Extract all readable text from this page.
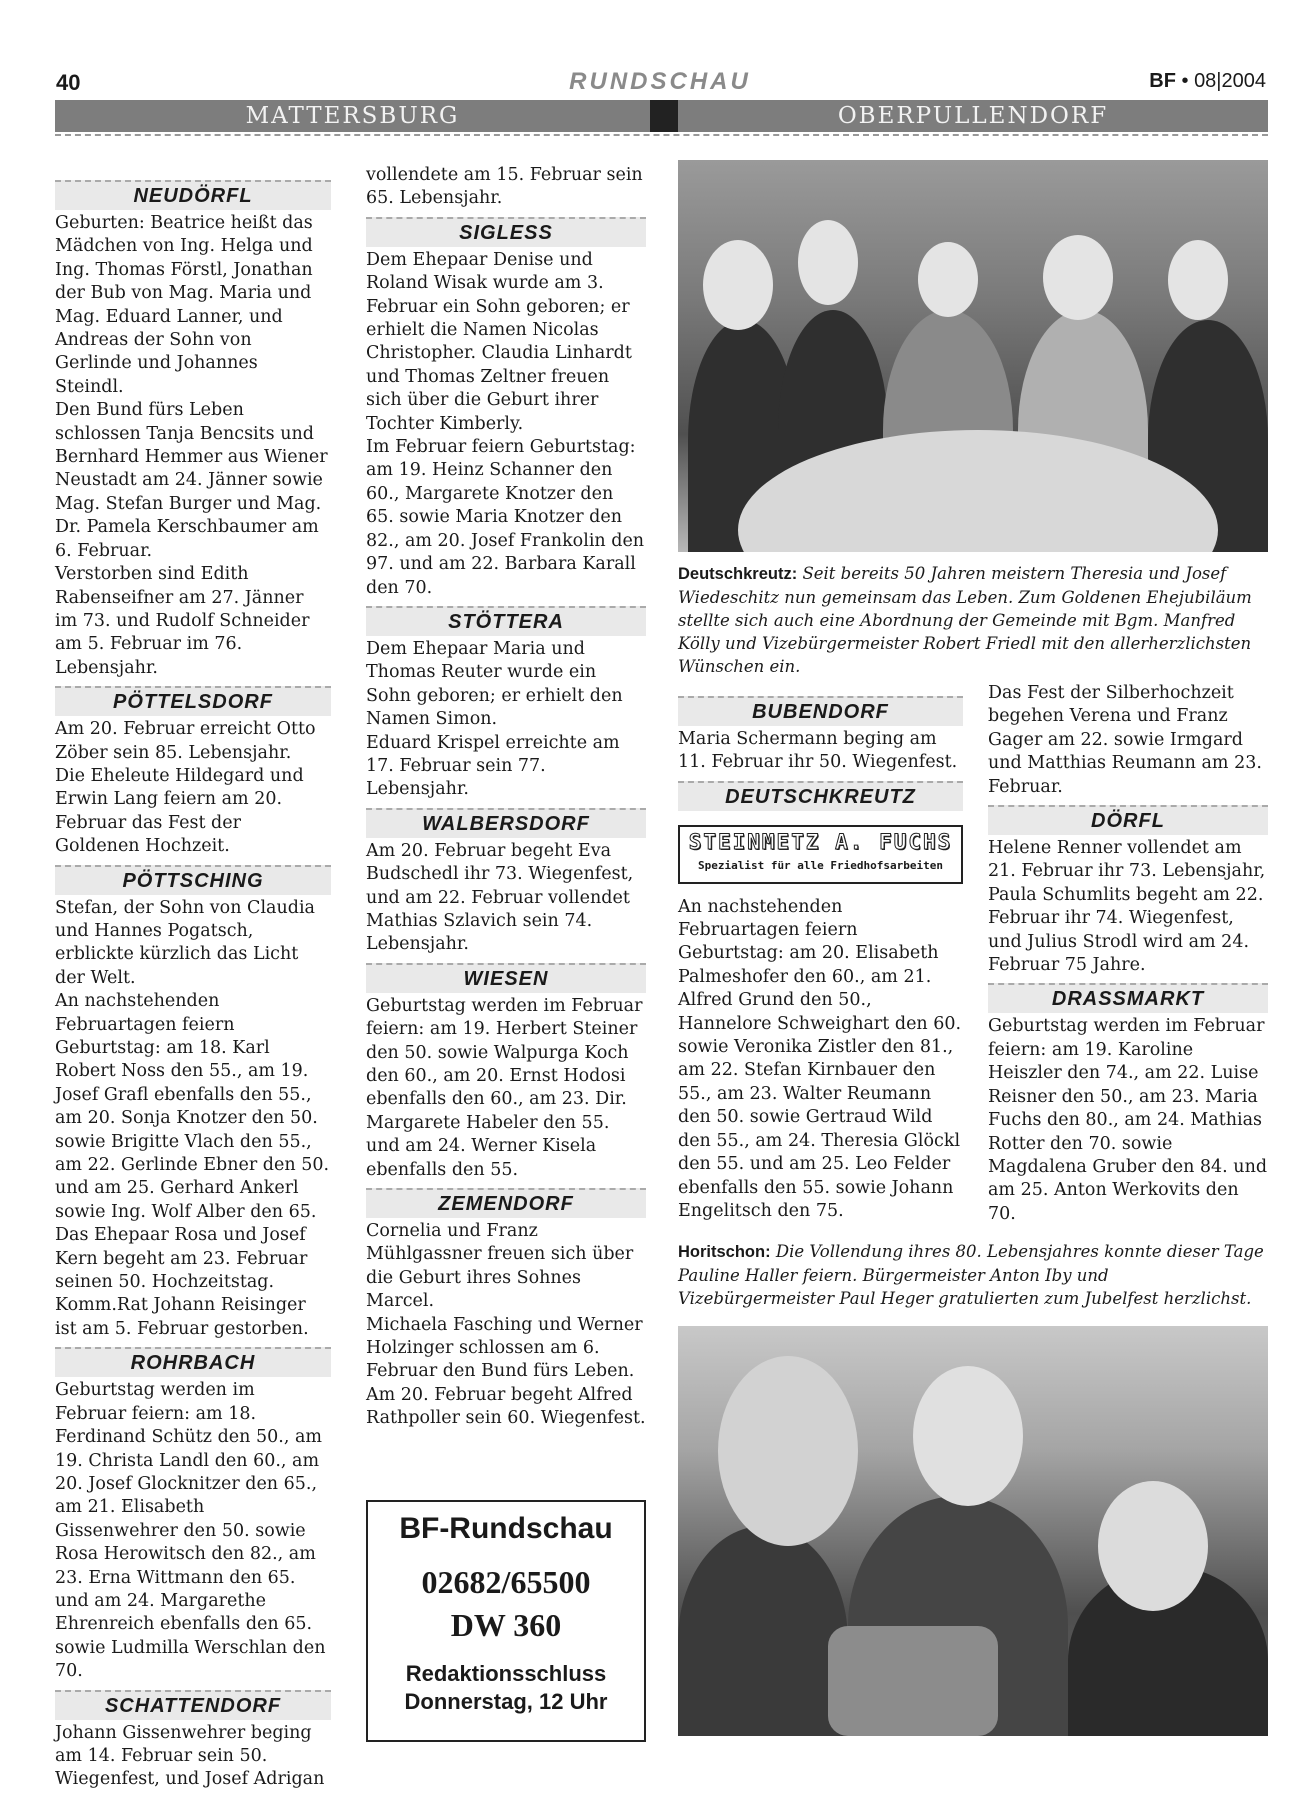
40	RUNDSCHAU	BF • 08|2004
MATTERSBURG	OBERPULLENDORF
NEUDÖRFL

Geburten: Beatrice heißt das Mädchen von Ing. Helga und Ing. Thomas Förstl, Jonathan der Bub von Mag. Maria und Mag. Eduard Lanner, und Andreas der Sohn von Gerlinde und Johannes Steindl.

Den Bund fürs Leben schlossen Tanja Bencsits und Bernhard Hemmer aus Wiener Neustadt am 24. Jänner sowie Mag. Stefan Burger und Mag. Dr. Pamela Kerschbaumer am 6. Februar.

Verstorben sind Edith Rabenseifner am 27. Jänner im 73. und Rudolf Schneider am 5. Februar im 76. Lebensjahr.

PÖTTELSDORF

Am 20. Februar erreicht Otto Zöber sein 85. Lebensjahr.

Die Eheleute Hildegard und Erwin Lang feiern am 20. Februar das Fest der Goldenen Hochzeit.

PÖTTSCHING

Stefan, der Sohn von Claudia und Hannes Pogatsch, erblickte kürzlich das Licht der Welt.

An nachstehenden Februartagen feiern Geburtstag: am 18. Karl Robert Noss den 55., am 19. Josef Grafl ebenfalls den 55., am 20. Sonja Knotzer den 50. sowie Brigitte Vlach den 55., am 22. Gerlinde Ebner den 50. und am 25. Gerhard Ankerl sowie Ing. Wolf Alber den 65.

Das Ehepaar Rosa und Josef Kern begeht am 23. Februar seinen 50. Hochzeitstag.

Komm.Rat Johann Reisinger ist am 5. Februar gestorben.

ROHRBACH

Geburtstag werden im Februar feiern: am 18. Ferdinand Schütz den 50., am 19. Christa Landl den 60., am 20. Josef Glocknitzer den 65., am 21. Elisabeth Gissenwehrer den 50. sowie Rosa Herowitsch den 82., am 23. Erna Wittmann den 65. und am 24. Margarethe Ehrenreich ebenfalls den 65. sowie Ludmilla Werschlan den 70.

SCHATTENDORF

Johann Gissenwehrer beging am 14. Februar sein 50. Wiegenfest, und Josef Adrigan

vollendete am 15. Februar sein 65. Lebensjahr.

SIGLESS

Dem Ehepaar Denise und Roland Wisak wurde am 3. Februar ein Sohn geboren; er erhielt die Namen Nicolas Christopher. Claudia Linhardt und Thomas Zeltner freuen sich über die Geburt ihrer Tochter Kimberly.

Im Februar feiern Geburtstag: am 19. Heinz Schanner den 60., Margarete Knotzer den 65. sowie Maria Knotzer den 82., am 20. Josef Frankolin den 97. und am 22. Barbara Karall den 70.

STÖTTERA

Dem Ehepaar Maria und Thomas Reuter wurde ein Sohn geboren; er erhielt den Namen Simon.

Eduard Krispel erreichte am 17. Februar sein 77. Lebensjahr.

WALBERSDORF

Am 20. Februar begeht Eva Budschedl ihr 73. Wiegenfest, und am 22. Februar vollendet Mathias Szlavich sein 74. Lebensjahr.

WIESEN

Geburtstag werden im Februar feiern: am 19. Herbert Steiner den 50. sowie Walpurga Koch den 60., am 20. Ernst Hodosi ebenfalls den 60., am 23. Dir. Margarete Habeler den 55. und am 24. Werner Kisela ebenfalls den 55.

ZEMENDORF

Cornelia und Franz Mühlgassner freuen sich über die Geburt ihres Sohnes Marcel.

Michaela Fasching und Werner Holzinger schlossen am 6. Februar den Bund fürs Leben.

Am 20. Februar begeht Alfred Rathpoller sein 60. Wiegenfest.

BF-Rundschau
02682/65500
DW 360
Redaktionsschluss
Donnerstag, 12 Uhr
Deutschkreutz: Seit bereits 50 Jahren meistern Theresia und Josef Wiedeschitz nun gemeinsam das Leben. Zum Goldenen Ehejubiläum stellte sich auch eine Abordnung der Gemeinde mit Bgm. Manfred Kölly und Vizebürgermeister Robert Friedl mit den allerherzlichsten Wünschen ein.
BUBENDORF

Maria Schermann beging am 11. Februar ihr 50. Wiegenfest.

DEUTSCHKREUTZ
STEINMETZ A. FUCHS
Spezialist für alle Friedhofsarbeiten

An nachstehenden Februartagen feiern Geburtstag: am 20. Elisabeth Palmeshofer den 60., am 21. Alfred Grund den 50., Hannelore Schweighart den 60. sowie Veronika Zistler den 81., am 22. Stefan Kirnbauer den 55., am 23. Walter Reumann den 50. sowie Gertraud Wild den 55., am 24. Theresia Glöckl den 55. und am 25. Leo Felder ebenfalls den 55. sowie Johann Engelitsch den 75.

Das Fest der Silberhochzeit begehen Verena und Franz Gager am 22. sowie Irmgard und Matthias Reumann am 23. Februar.

DÖRFL

Helene Renner vollendet am 21. Februar ihr 73. Lebensjahr, Paula Schumlits begeht am 22. Februar ihr 74. Wiegenfest, und Julius Strodl wird am 24. Februar 75 Jahre.

DRASSMARKT

Geburtstag werden im Februar feiern: am 19. Karoline Heiszler den 74., am 22. Luise Reisner den 50., am 23. Maria Fuchs den 80., am 24. Mathias Rotter den 70. sowie Magdalena Gruber den 84. und am 25. Anton Werkovits den 70.

Horitschon: Die Vollendung ihres 80. Lebensjahres konnte dieser Tage Pauline Haller feiern. Bürgermeister Anton Iby und Vizebürgermeister Paul Heger gratulierten zum Jubelfest herzlichst.
